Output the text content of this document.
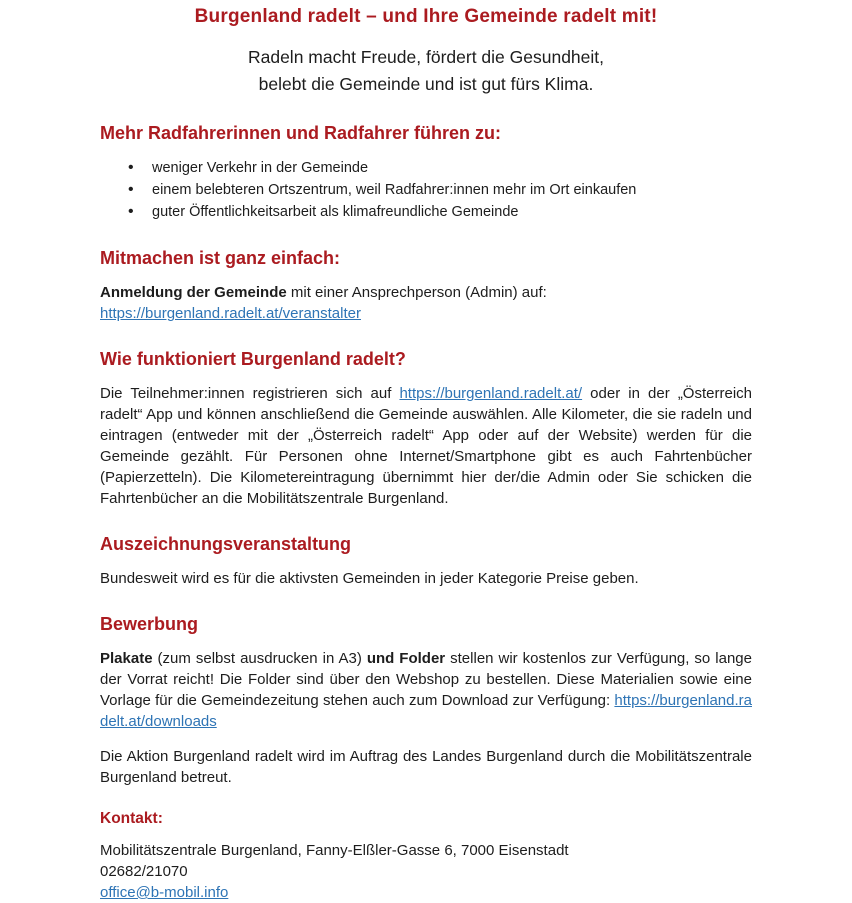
Burgenland radelt – und Ihre Gemeinde radelt mit!

Radeln macht Freude, fördert die Gesundheit,
belebt die Gemeinde und ist gut fürs Klima.

Mehr Radfahrerinnen und Radfahrer führen zu:
• weniger Verkehr in der Gemeinde
• einem belebteren Ortszentrum, weil Radfahrer:innen mehr im Ort einkaufen
• guter Öffentlichkeitsarbeit als klimafreundliche Gemeinde
Mitmachen ist ganz einfach:

Anmeldung der Gemeinde mit einer Ansprechperson (Admin) auf:
https://burgenland.radelt.at/veranstalter

Wie funktioniert Burgenland radelt?

Die Teilnehmer:innen registrieren sich auf https://burgenland.radelt.at/ oder in der „Österreich radelt“ App und können anschließend die Gemeinde auswählen. Alle Kilometer, die sie radeln und eintragen (entweder mit der „Österreich radelt“ App oder auf der Website) werden für die Gemeinde gezählt. Für Personen ohne Internet/Smartphone gibt es auch Fahrtenbücher (Papierzetteln). Die Kilometereintragung übernimmt hier der/die Admin oder Sie schicken die Fahrtenbücher an die Mobilitätszentrale Burgenland.

Auszeichnungsveranstaltung

Bundesweit wird es für die aktivsten Gemeinden in jeder Kategorie Preise geben.

Bewerbung

Plakate (zum selbst ausdrucken in A3) und Folder stellen wir kostenlos zur Verfügung, so lange der Vorrat reicht! Die Folder sind über den Webshop zu bestellen. Diese Materialien sowie eine Vorlage für die Gemeindezeitung stehen auch zum Download zur Verfügung: https://burgenland.radelt.at/downloads

Die Aktion Burgenland radelt wird im Auftrag des Landes Burgenland durch die Mobilitätszentrale Burgenland betreut.

Kontakt:

Mobilitätszentrale Burgenland, Fanny-Elßler-Gasse 6, 7000 Eisenstadt

02682/21070

office@b-mobil.info
